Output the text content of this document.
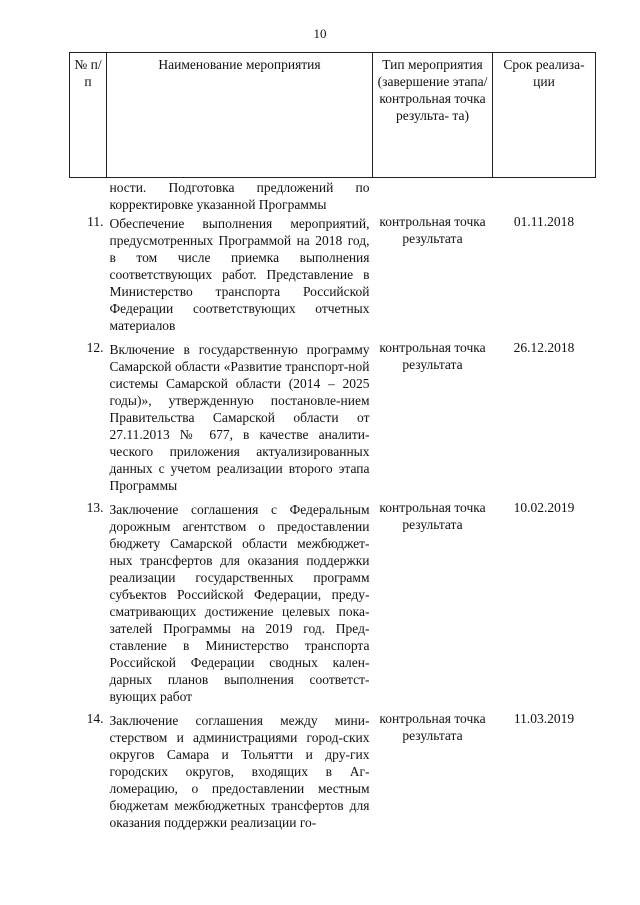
10
№ п/п	Наименование мероприятия	Тип мероприятия (завершение этапа/ контрольная точка результа- та)	Срок реализа- ции
	ности. Подготовка предложений по корректировке указанной Программы		
11.	Обеспечение выполнения мероприятий, предусмотренных Программой на 2018 год, в том числе приемка выполнения соответствующих работ. Представление в Министерство транспорта Российской Федерации соответствующих отчетных материалов	контрольная точка результата	01.11.2018
12.	Включение в государственную программу Самарской области «Развитие транспорт-ной системы Самарской области (2014 – 2025 годы)», утвержденную постановле-нием Правительства Самарской области от 27.11.2013 № 677, в качестве аналити-ческого приложения актуализированных данных с учетом реализации второго этапа Программы	контрольная точка результата	26.12.2018
13.	Заключение соглашения с Федеральным дорожным агентством о предоставлении бюджету Самарской области межбюджет-ных трансфертов для оказания поддержки реализации государственных программ субъектов Российской Федерации, преду-сматривающих достижение целевых пока-зателей Программы на 2019 год. Пред-ставление в Министерство транспорта Российской Федерации сводных кален-дарных планов выполнения соответст-вующих работ	контрольная точка результата	10.02.2019
14.	Заключение соглашения между мини-стерством и администрациями город-ских округов Самара и Тольятти и дру-гих городских округов, входящих в Аг-ломерацию, о предоставлении местным бюджетам межбюджетных трансфертов для оказания поддержки реализации го-	контрольная точка результата	11.03.2019
